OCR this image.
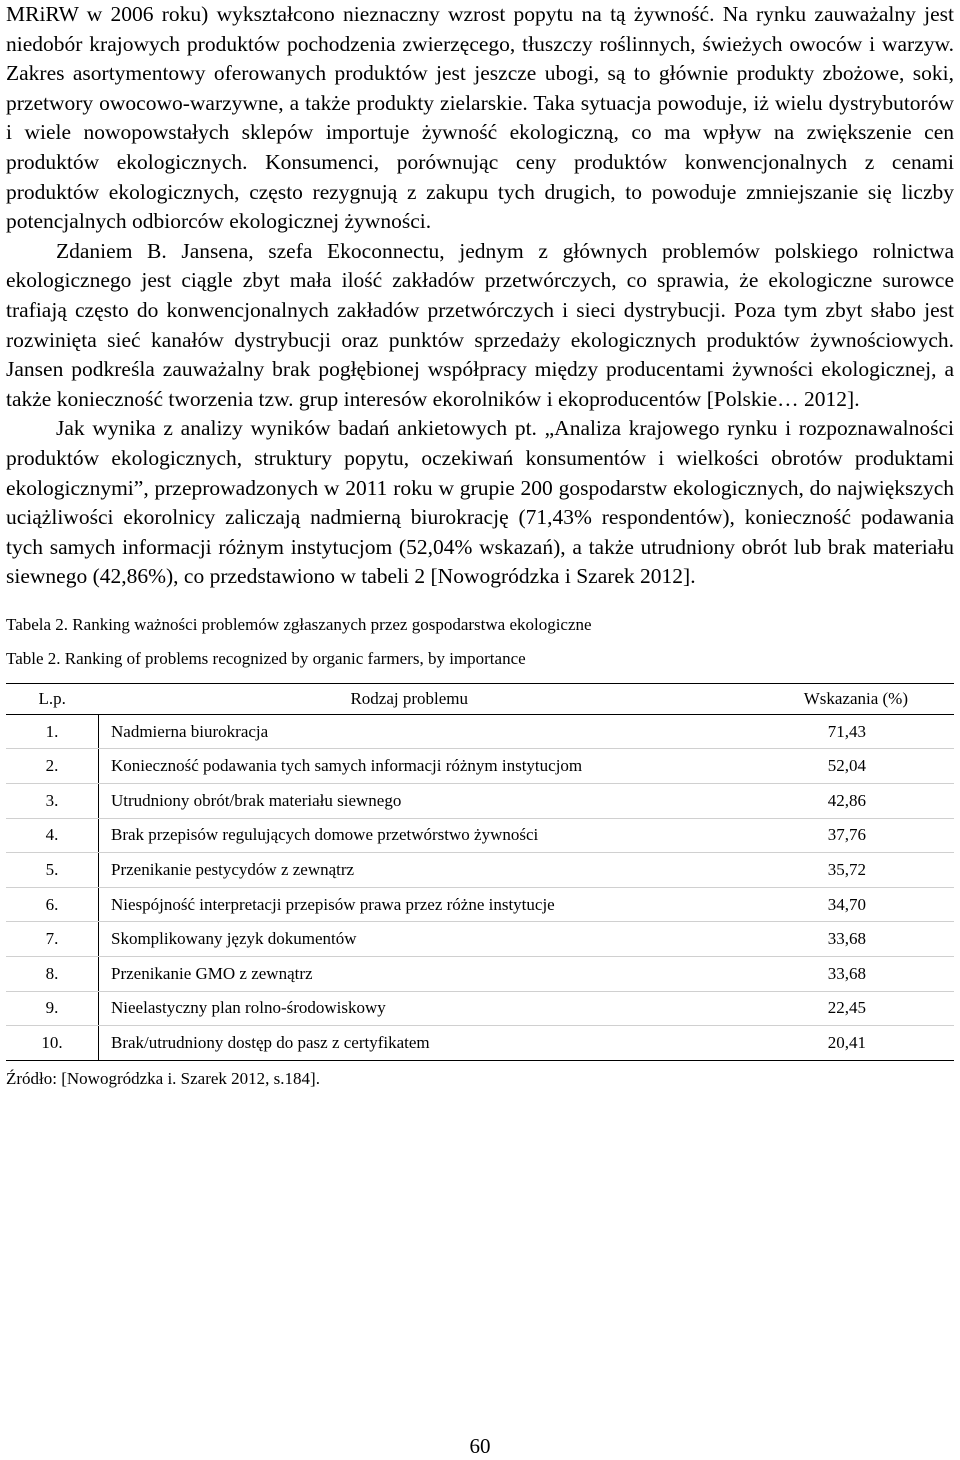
MRiRW w 2006 roku) wykształcono nieznaczny wzrost popytu na tą żywność. Na rynku zauważalny jest niedobór krajowych produktów pochodzenia zwierzęcego, tłuszczy roślinnych, świeżych owoców i warzyw. Zakres asortymentowy oferowanych produktów jest jeszcze ubogi, są to głównie produkty zbożowe, soki, przetwory owocowo-warzywne, a także produkty zielarskie. Taka sytuacja powoduje, iż wielu dystrybutorów i wiele nowopowstałych sklepów importuje żywność ekologiczną, co ma wpływ na zwiększenie cen produktów ekologicznych. Konsumenci, porównując ceny produktów konwencjonalnych z cenami produktów ekologicznych, często rezygnują z zakupu tych drugich, to powoduje zmniejszanie się liczby potencjalnych odbiorców ekologicznej żywności.

Zdaniem B. Jansena, szefa Ekoconnectu, jednym z głównych problemów polskiego rolnictwa ekologicznego jest ciągle zbyt mała ilość zakładów przetwórczych, co sprawia, że ekologiczne surowce trafiają często do konwencjonalnych zakładów przetwórczych i sieci dystrybucji. Poza tym zbyt słabo jest rozwinięta sieć kanałów dystrybucji oraz punktów sprzedaży ekologicznych produktów żywnościowych. Jansen podkreśla zauważalny brak pogłębionej współpracy między producentami żywności ekologicznej, a także konieczność tworzenia tzw. grup interesów ekorolników i ekoproducentów [Polskie… 2012].

Jak wynika z analizy wyników badań ankietowych pt. „Analiza krajowego rynku i rozpoznawalności produktów ekologicznych, struktury popytu, oczekiwań konsumentów i wielkości obrotów produktami ekologicznymi”, przeprowadzonych w 2011 roku w grupie 200 gospodarstw ekologicznych, do największych uciążliwości ekorolnicy zaliczają nadmierną biurokrację (71,43% respondentów), konieczność podawania tych samych informacji różnym instytucjom (52,04% wskazań), a także utrudniony obrót lub brak materiału siewnego (42,86%), co przedstawiono w tabeli 2 [Nowogródzka i Szarek 2012].

Tabela 2. Ranking ważności problemów zgłaszanych przez gospodarstwa ekologiczne

Table 2. Ranking of problems recognized by organic farmers, by importance

L.p.	Rodzaj problemu	Wskazania (%)
1.	Nadmierna biurokracja	71,43
2.	Konieczność podawania tych samych informacji różnym instytucjom	52,04
3.	Utrudniony obrót/brak materiału siewnego	42,86
4.	Brak przepisów regulujących domowe przetwórstwo żywności	37,76
5.	Przenikanie pestycydów z zewnątrz	35,72
6.	Niespójność interpretacji przepisów prawa przez różne instytucje	34,70
7.	Skomplikowany język dokumentów	33,68
8.	Przenikanie GMO z zewnątrz	33,68
9.	Nieelastyczny plan rolno-środowiskowy	22,45
10.	Brak/utrudniony dostęp do pasz z certyfikatem	20,41
Źródło: [Nowogródzka i. Szarek 2012, s.184].
60
